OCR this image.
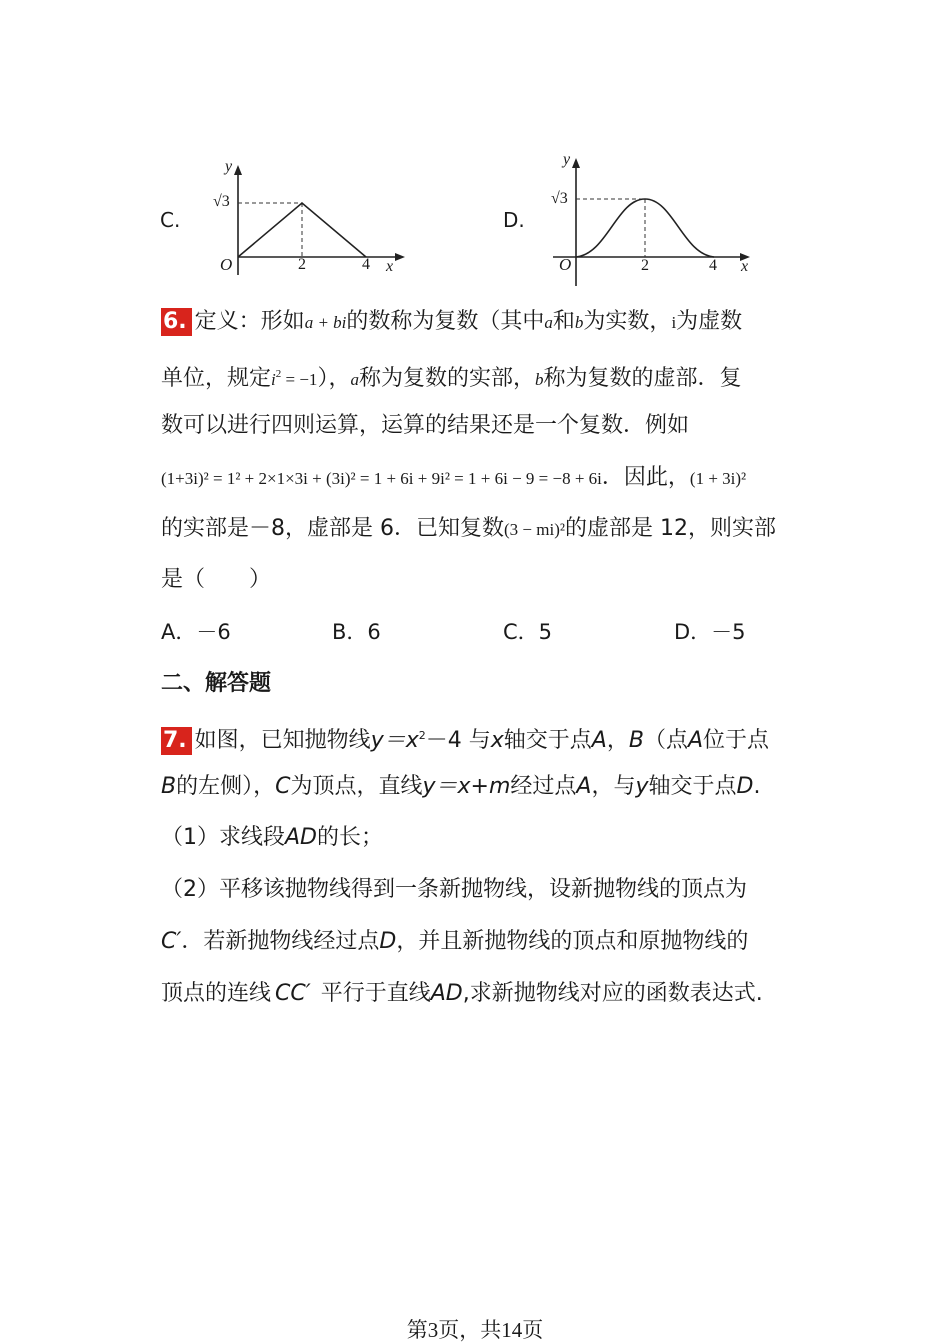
C.
y
x
O
√3
2	4
D.
y
x
O
√3
2	4
6. 定义：形如a + bi的数称为复数（其中a和b为实数，i为虚数
单位，规定$i^2 = -1$），a称为复数的实部，b称为复数的虚部．复
数可以进行四则运算，运算的结果还是一个复数．例如
(1+3i)² = 1² + 2×1×3i + (3i)² = 1 + 6i + 9i² = 1 + 6i − 9 = −8 + 6i．因此，(1 + 3i)²
的实部是－8，虚部是 6．已知复数(3 − mi)²的虚部是 12，则实部
是（　　）
A．－6	B．6	C．5	D．－5
二、解答题
7. 如图，已知抛物线$y=x^2-4$ 与x轴交于点A，B（点A位于点
B的左侧），C为顶点，直线y＝x+m经过点A，与y轴交于点D.
（1）求线段AD的长；
（2）平移该抛物线得到一条新抛物线，设新抛物线的顶点为
C′．若新抛物线经过点D，并且新抛物线的顶点和原抛物线的
顶点的连线 CC′ 平行于直线AD,求新抛物线对应的函数表达式.
第3页，共14页
